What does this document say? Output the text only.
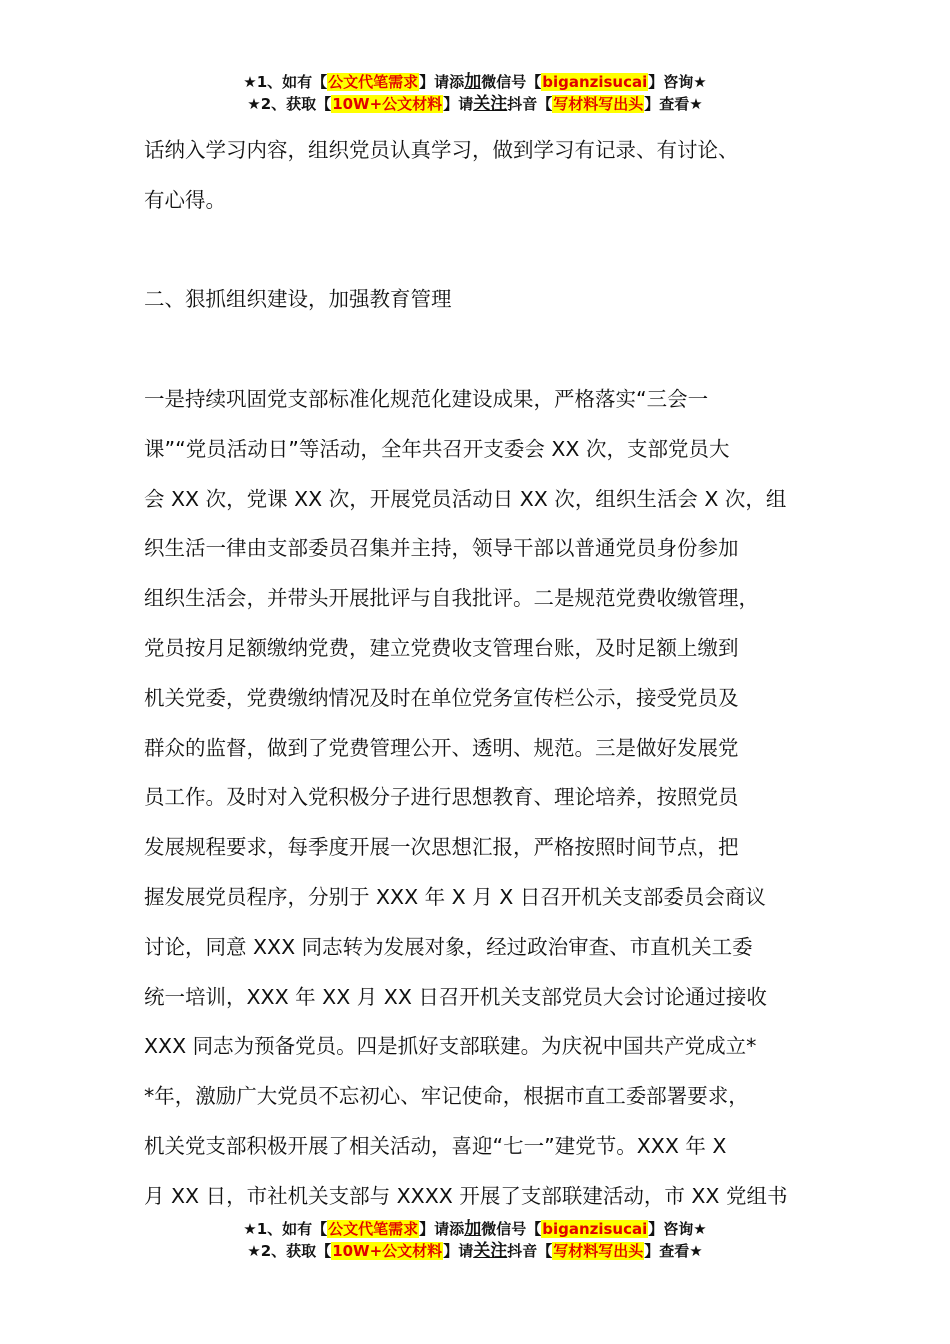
★1、如有【公文代笔需求】请添加微信号【biganzisucai】咨询★
★2、获取【10W+公文材料】请关注抖音【写材料写出头】查看★
话纳入学习内容，组织党员认真学习，做到学习有记录、有讨论、
有心得。
二、狠抓组织建设，加强教育管理
一是持续巩固党支部标准化规范化建设成果，严格落实“三会一
课”“党员活动日”等活动，全年共召开支委会 XX 次，支部党员大
会 XX 次，党课 XX 次，开展党员活动日 XX 次，组织生活会 X 次，组
织生活一律由支部委员召集并主持，领导干部以普通党员身份参加
组织生活会，并带头开展批评与自我批评。二是规范党费收缴管理，
党员按月足额缴纳党费，建立党费收支管理台账，及时足额上缴到
机关党委，党费缴纳情况及时在单位党务宣传栏公示，接受党员及
群众的监督，做到了党费管理公开、透明、规范。三是做好发展党
员工作。及时对入党积极分子进行思想教育、理论培养，按照党员
发展规程要求，每季度开展一次思想汇报，严格按照时间节点，把
握发展党员程序，分别于 XXX 年 X 月 X 日召开机关支部委员会商议
讨论，同意 XXX 同志转为发展对象，经过政治审查、市直机关工委
统一培训，XXX 年 XX 月 XX 日召开机关支部党员大会讨论通过接收
XXX 同志为预备党员。四是抓好支部联建。为庆祝中国共产党成立*
*年，激励广大党员不忘初心、牢记使命，根据市直工委部署要求，
机关党支部积极开展了相关活动，喜迎“七一”建党节。XXX 年 X
月 XX 日，市社机关支部与 XXXX 开展了支部联建活动，市 XX 党组书
★1、如有【公文代笔需求】请添加微信号【biganzisucai】咨询★
★2、获取【10W+公文材料】请关注抖音【写材料写出头】查看★
